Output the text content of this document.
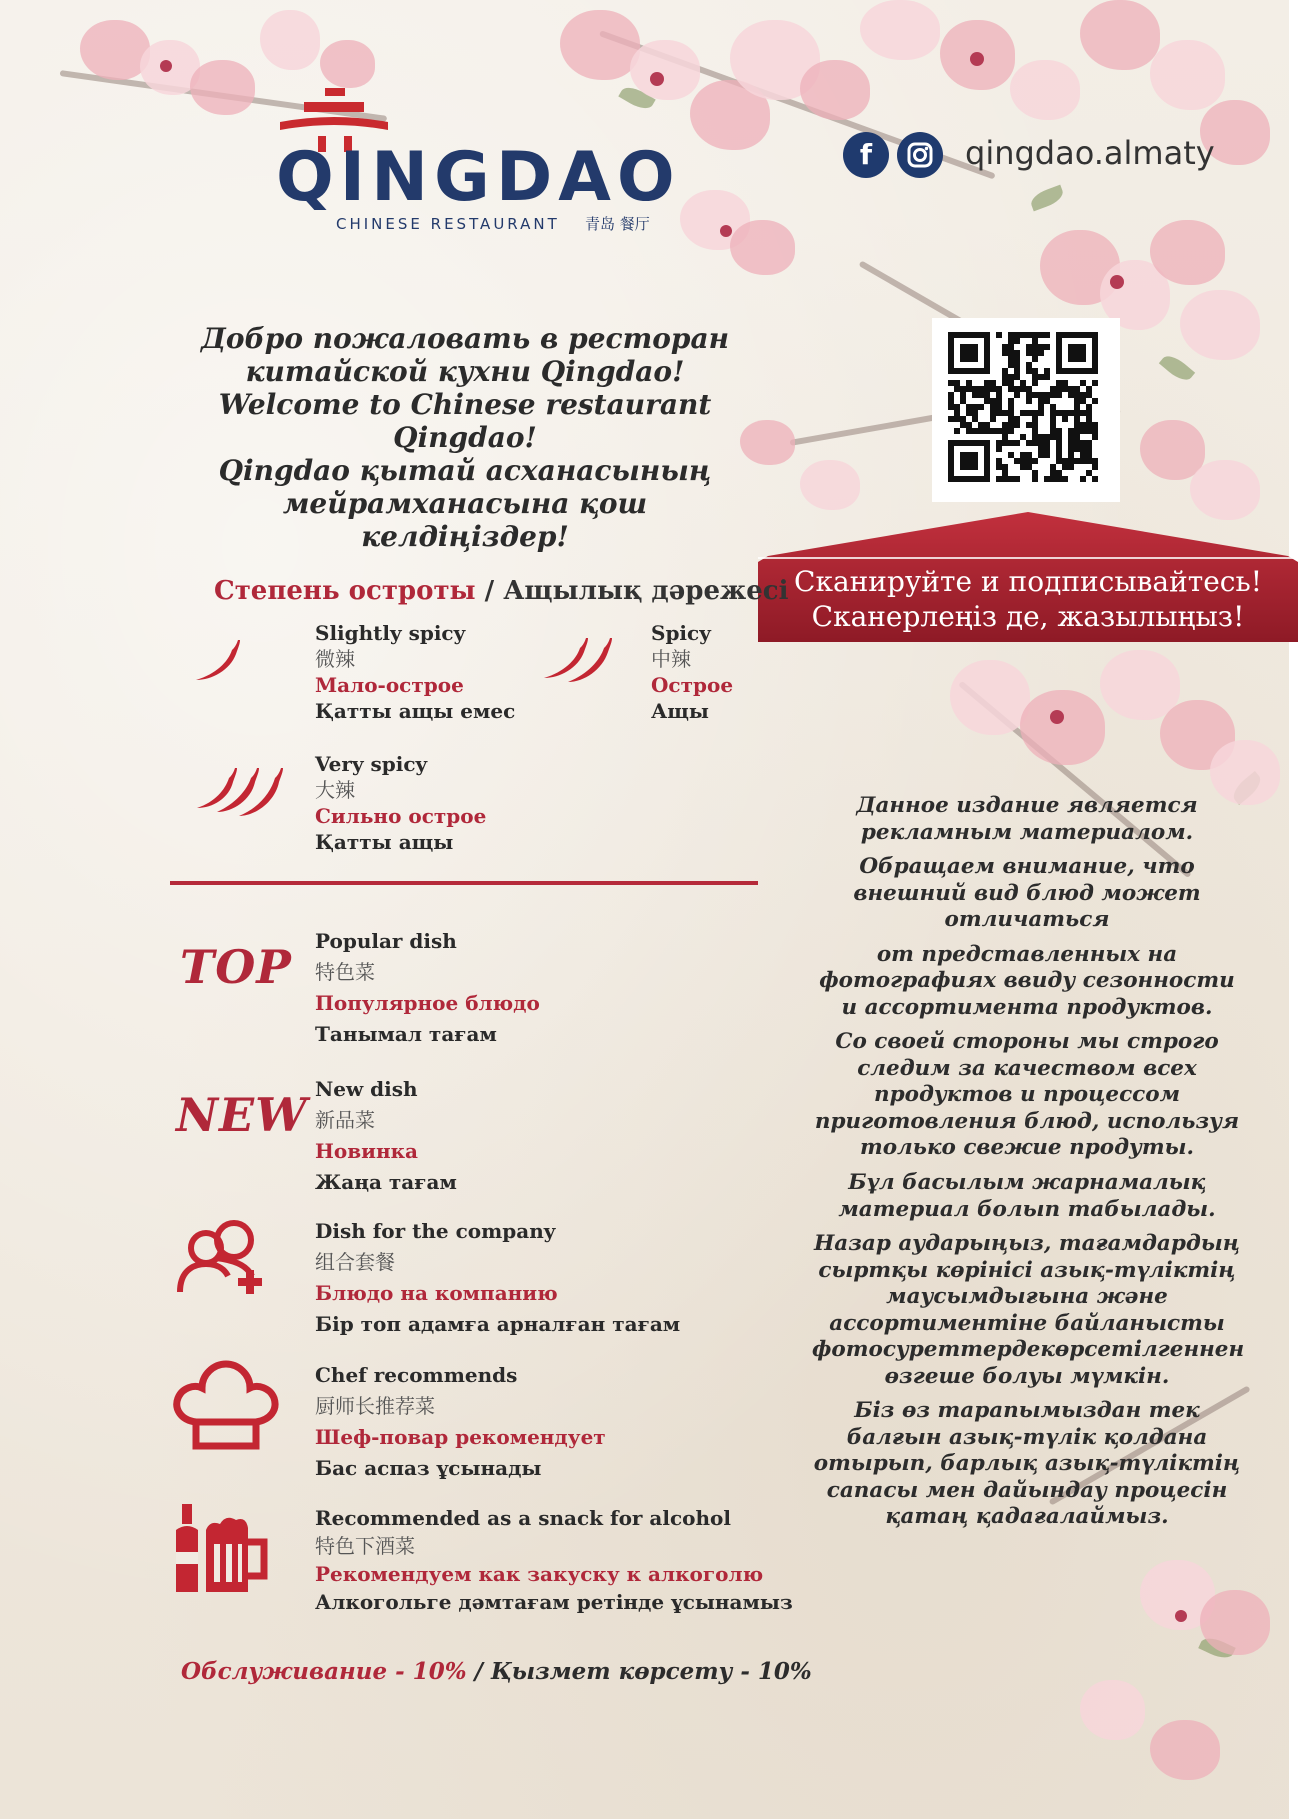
QINGDAO
CHINESE RESTAURANT 青岛 餐厅
f	qingdao.almaty
Добро пожаловать в ресторан
китайской кухни Qingdao!
Welcome to Chinese restaurant
Qingdao!
Qingdao қытай асханасының
мейрамханасына қош келдіңіздер!
Сканируйте и подписывайтесь!
Сканерлеңіз де, жазылыңыз!
Степень остроты / Ащылық дәрежесі
Slightly spicy
微辣
Мало-острое
Қатты ащы емес
Spicy
中辣
Острое
Ащы
Very spicy
大辣
Сильно острое
Қатты ащы
TOP Popular dish
特色菜
Популярное блюдо
Танымал тағам
NEW New dish
新品菜
Новинка
Жаңа тағам
Dish for the company
组合套餐
Блюдо на компанию
Бір топ адамға арналған тағам
Chef recommends
厨师长推荐菜
Шеф-повар рекомендует
Бас аспаз ұсынады
Recommended as a snack for alcohol
特色下酒菜
Рекомендуем как закуску к алкоголю
Алкогольге дәмтағам ретінде ұсынамыз

Данное издание является рекламным материалом.

Обращаем внимание, что внешний вид блюд может отличаться

от представленных на фотографиях ввиду сезонности и ассортимента продуктов.

Со своей стороны мы строго следим за качеством всех продуктов и процессом приготовления блюд, используя только свежие продуты.

Бұл басылым жарнамалық материал болып табылады.

Назар аударыңыз, тағамдардың сыртқы көрінісі азық-түліктің маусымдығына және ассортиментіне байланысты фотосуреттердекөрсетілгеннен өзгеше болуы мүмкін.

Біз өз тарапымыздан тек балғын азық-түлік қолдана отырып, барлық азық-түліктің сапасы мен дайындау процесін қатаң қадағалаймыз.

Обслуживание - 10% / Қызмет көрсету - 10%
